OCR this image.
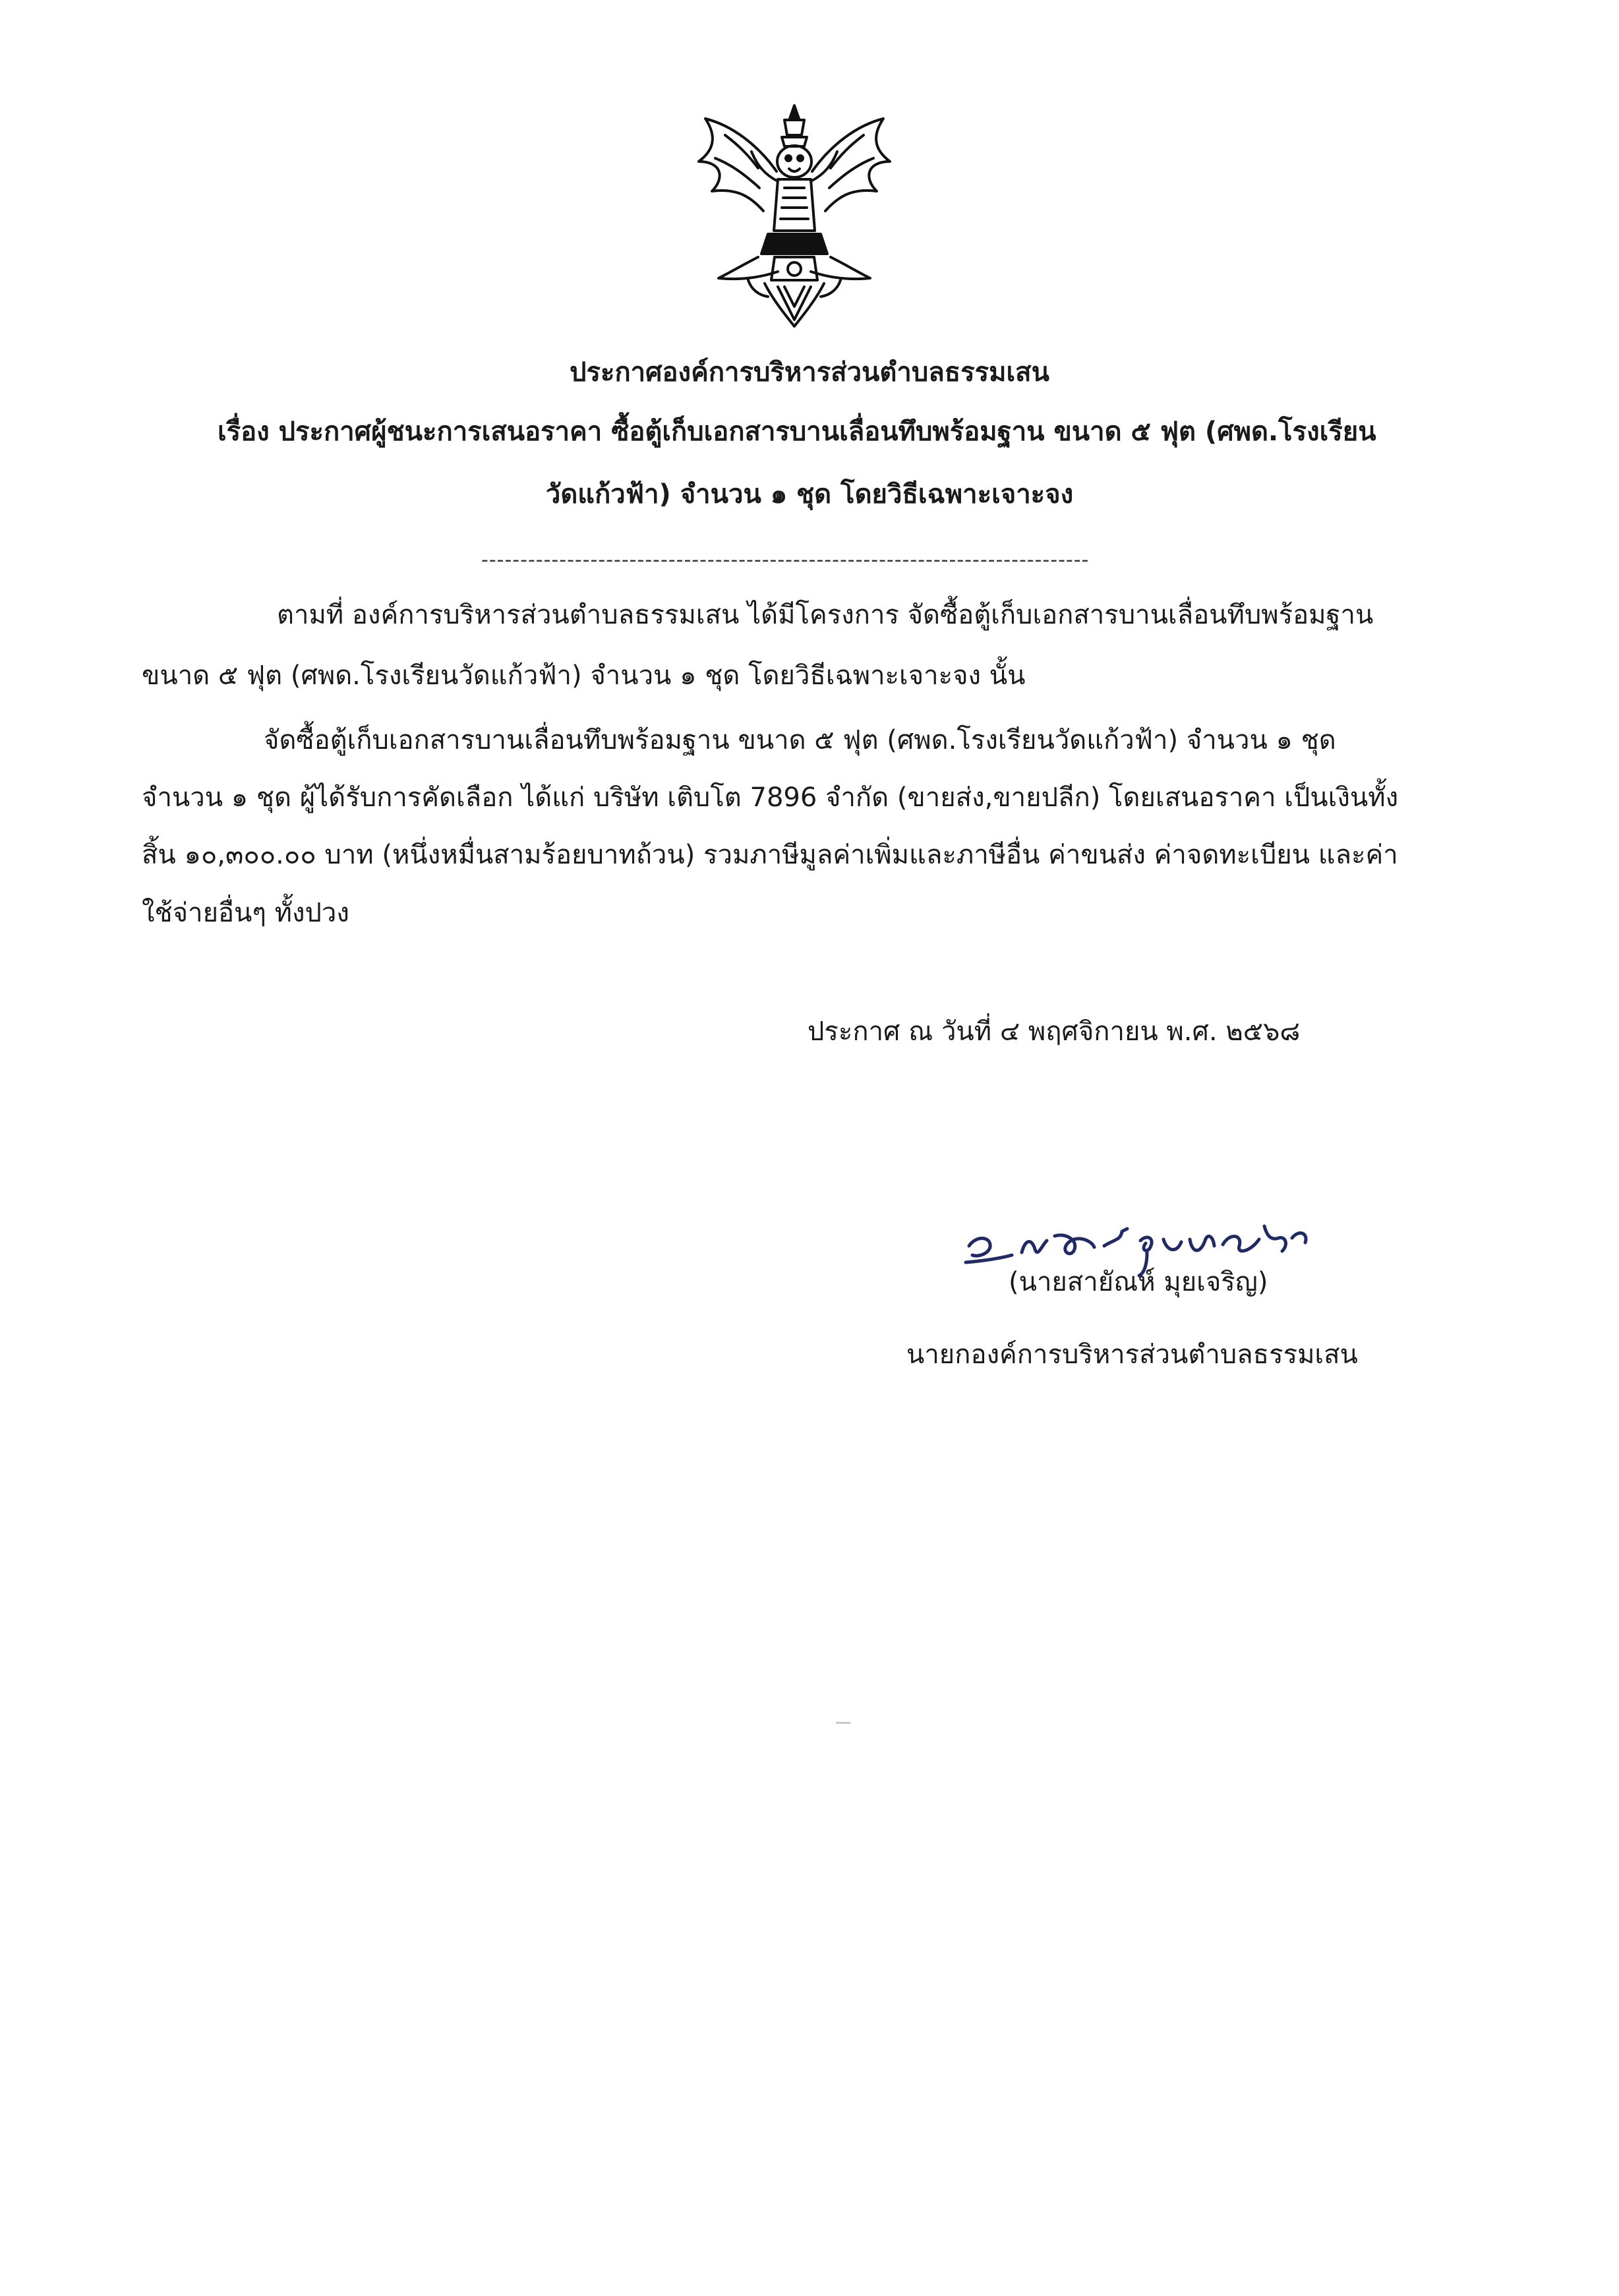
ประกาศองค์การบริหารส่วนตำบลธรรมเสน
เรื่อง ประกาศผู้ชนะการเสนอราคา ซื้อตู้เก็บเอกสารบานเลื่อนทึบพร้อมฐาน ขนาด ๕ ฟุต (ศพด.โรงเรียน
วัดแก้วฟ้า) จำนวน ๑ ชุด โดยวิธีเฉพาะเจาะจง
------------------------------------------------------------------------------
ตามที่ องค์การบริหารส่วนตำบลธรรมเสน ได้มีโครงการ จัดซื้อตู้เก็บเอกสารบานเลื่อนทึบพร้อมฐาน
ขนาด ๕ ฟุต (ศพด.โรงเรียนวัดแก้วฟ้า) จำนวน ๑ ชุด โดยวิธีเฉพาะเจาะจง นั้น
จัดซื้อตู้เก็บเอกสารบานเลื่อนทึบพร้อมฐาน ขนาด ๕ ฟุต (ศพด.โรงเรียนวัดแก้วฟ้า) จำนวน ๑ ชุด
จำนวน ๑ ชุด ผู้ได้รับการคัดเลือก ได้แก่ บริษัท เติบโต 7896 จำกัด (ขายส่ง,ขายปลีก) โดยเสนอราคา เป็นเงินทั้ง
สิ้น ๑๐,๓๐๐.๐๐ บาท (หนึ่งหมื่นสามร้อยบาทถ้วน) รวมภาษีมูลค่าเพิ่มและภาษีอื่น ค่าขนส่ง ค่าจดทะเบียน และค่า
ใช้จ่ายอื่นๆ ทั้งปวง
ประกาศ ณ วันที่ ๔ พฤศจิกายน พ.ศ. ๒๕๖๘
(นายสายัณห์ มุยเจริญ)
นายกองค์การบริหารส่วนตำบลธรรมเสน
